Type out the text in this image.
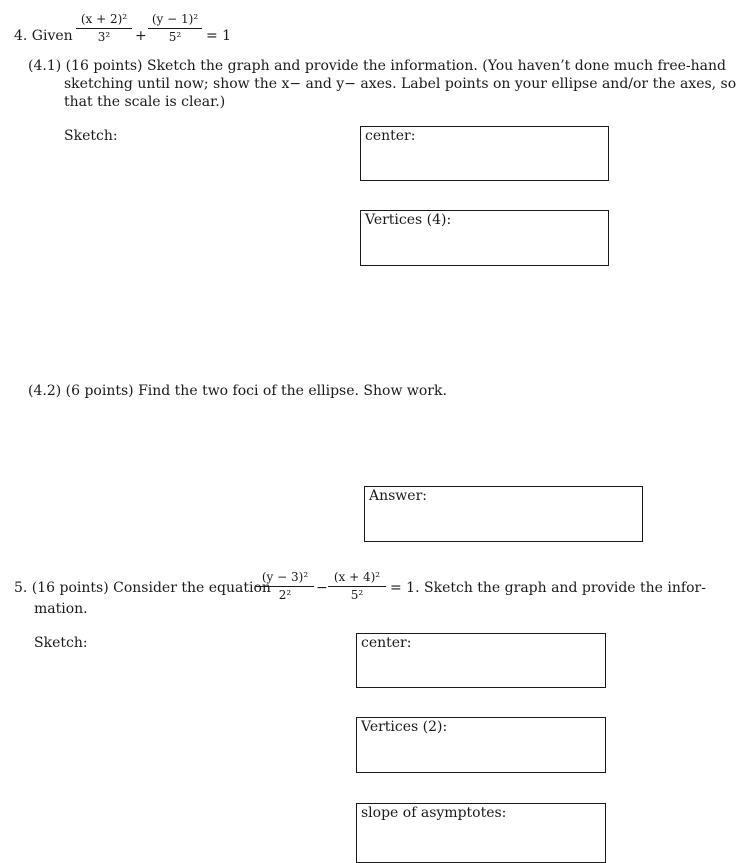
4. Given
(x + 2)²
3²	+
(y − 1)²
5²	= 1
(4.1) (16 points) Sketch the graph and provide the information. (You haven’t done much free-hand
sketching until now; show the x− and y− axes. Label points on your ellipse and/or the axes, so
that the scale is clear.)
Sketch:	center:
Vertices (4):
(4.2) (6 points) Find the two foci of the ellipse. Show work.
Answer:
5. (16 points) Consider the equation
(y − 3)²
2²	−
(x + 4)²
5²	= 1. Sketch the graph and provide the infor-
mation.
Sketch:	center:
Vertices (2):
slope of asymptotes:
